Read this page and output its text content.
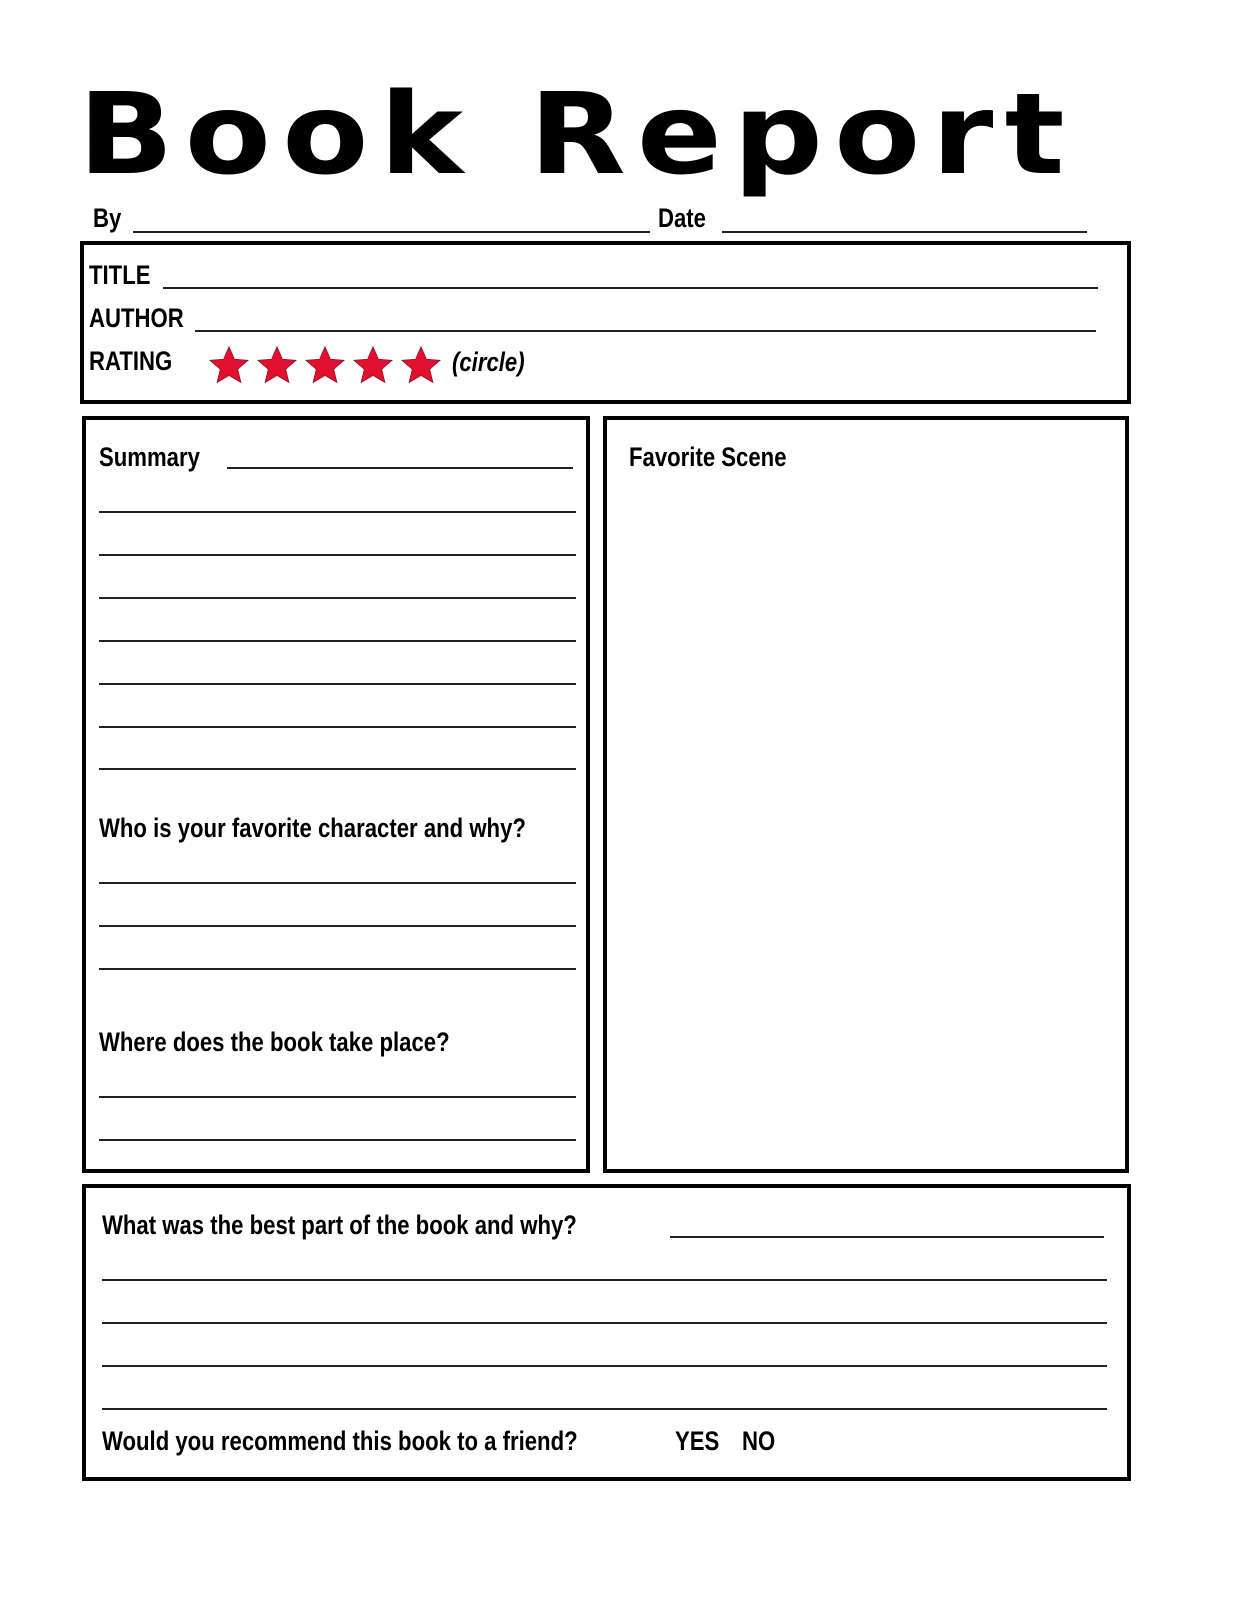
Book Report
By	Date
TITLE
AUTHOR
RATING	(circle)
Summary
Who is your favorite character and why?
Where does the book take place?
Favorite Scene
What was the best part of the book and why?
Would you recommend this book to a friend?	YES NO
